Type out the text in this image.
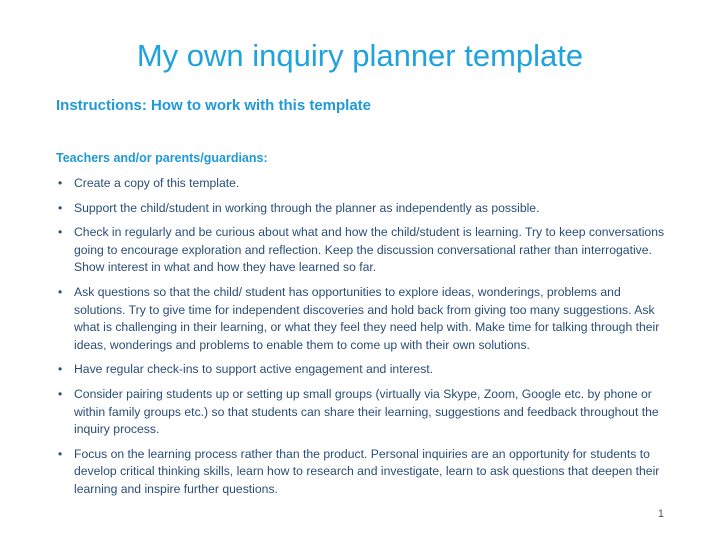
My own inquiry planner template
Instructions: How to work with this template
Teachers and/or parents/guardians:
• Create a copy of this template.
• Support the child/student in working through the planner as independently as possible.
• Check in regularly and be curious about what and how the child/student is learning. Try to keep conversations going to encourage exploration and reflection. Keep the discussion conversational rather than interrogative. Show interest in what and how they have learned so far.
• Ask questions so that the child/ student has opportunities to explore ideas, wonderings, problems and solutions. Try to give time for independent discoveries and hold back from giving too many suggestions. Ask what is challenging in their learning, or what they feel they need help with. Make time for talking through their ideas, wonderings and problems to enable them to come up with their own solutions.
• Have regular check-ins to support active engagement and interest.
• Consider pairing students up or setting up small groups (virtually via Skype, Zoom, Google etc. by phone or within family groups etc.) so that students can share their learning, suggestions and feedback throughout the inquiry process.
• Focus on the learning process rather than the product. Personal inquiries are an opportunity for students to develop critical thinking skills, learn how to research and investigate, learn to ask questions that deepen their learning and inspire further questions.
1
